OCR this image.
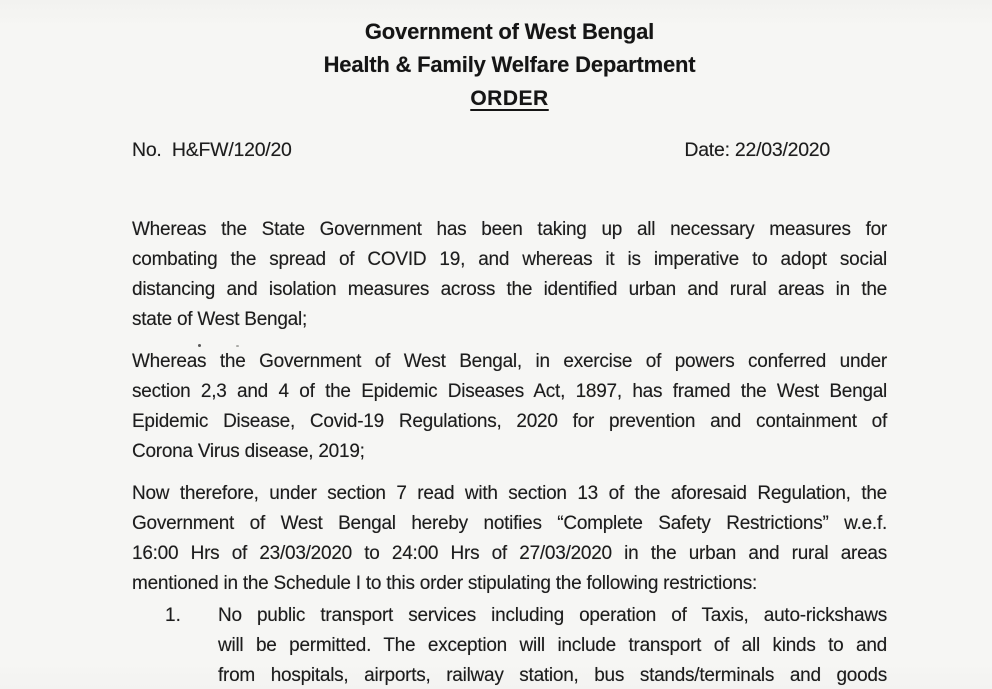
Government of West Bengal
Health & Family Welfare Department
ORDER
No.  H&FW/120/20	Date: 22/03/2020
Whereas the State Government has been taking up all necessary measures for
combating the spread of COVID 19, and whereas it is imperative to adopt social
distancing and isolation measures across the identified urban and rural areas in the
state of West Bengal;
Whereas the Government of West Bengal, in exercise of powers conferred under
section 2,3 and 4 of the Epidemic Diseases Act, 1897, has framed the West Bengal
Epidemic Disease, Covid-19 Regulations, 2020 for prevention and containment of
Corona Virus disease, 2019;
Now therefore, under section 7 read with section 13 of the aforesaid Regulation, the
Government of West Bengal hereby notifies “Complete Safety Restrictions” w.e.f.
16:00 Hrs of 23/03/2020 to 24:00 Hrs of 27/03/2020 in the urban and rural areas
mentioned in the Schedule I to this order stipulating the following restrictions:
1.	No public transport services including operation of Taxis, auto-rickshaws
will be permitted. The exception will include transport of all kinds to and
from hospitals, airports, railway station, bus stands/terminals and goods
